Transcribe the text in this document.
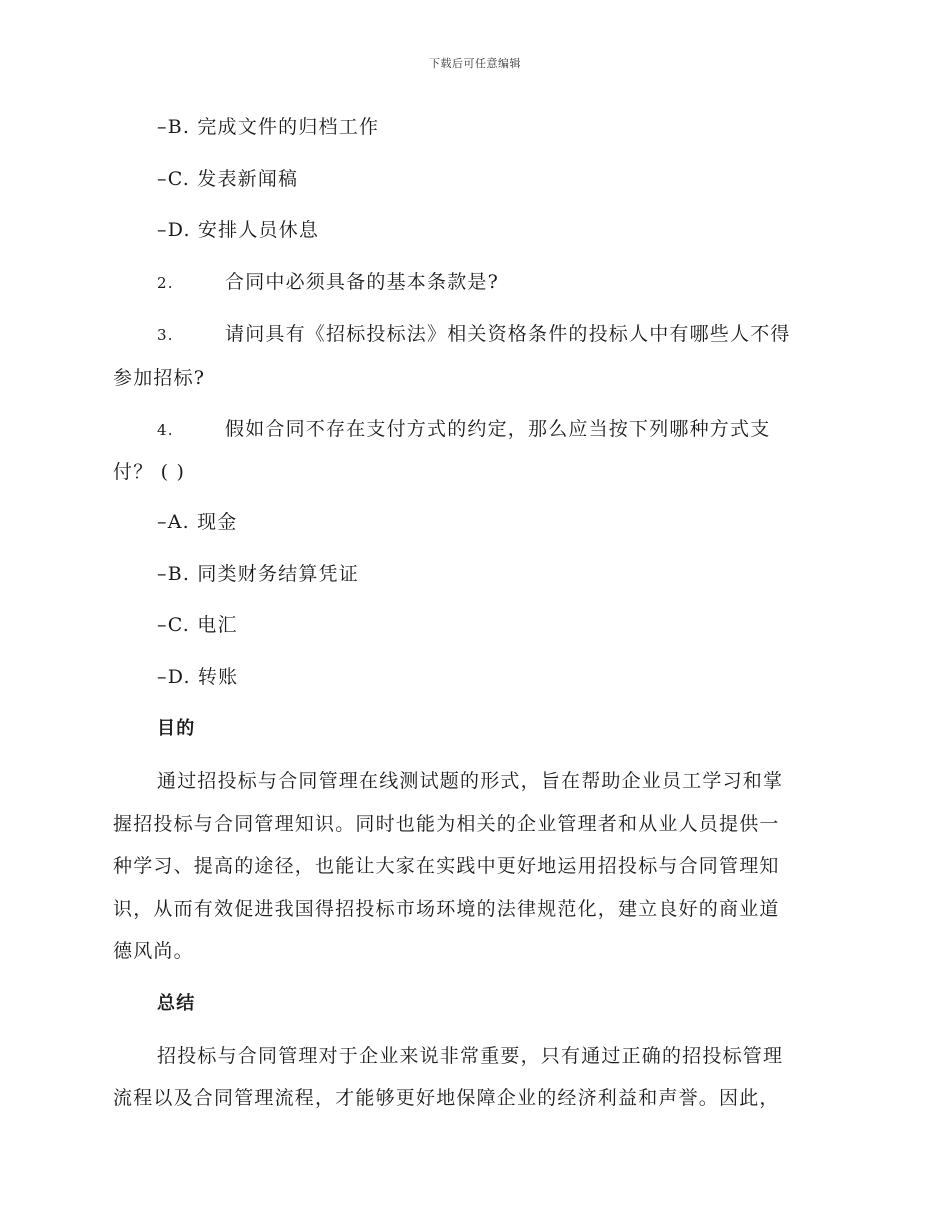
下载后可任意编辑
–B. 完成文件的归档工作
–C. 发表新闻稿
–D. 安排人员休息
2.	合同中必须具备的基本条款是?
3.	请问具有《招标投标法》相关资格条件的投标人中有哪些人不得
参加招标?
4.	假如合同不存在支付方式的约定，那么应当按下列哪种方式支
付？ ( )
–A. 现金
–B. 同类财务结算凭证
–C. 电汇
–D. 转账
目的
通过招投标与合同管理在线测试题的形式，旨在帮助企业员工学习和掌
握招投标与合同管理知识。同时也能为相关的企业管理者和从业人员提供一
种学习、提高的途径，也能让大家在实践中更好地运用招投标与合同管理知
识，从而有效促进我国得招投标市场环境的法律规范化，建立良好的商业道
德风尚。
总结
招投标与合同管理对于企业来说非常重要，只有通过正确的招投标管理
流程以及合同管理流程，才能够更好地保障企业的经济利益和声誉。因此，
